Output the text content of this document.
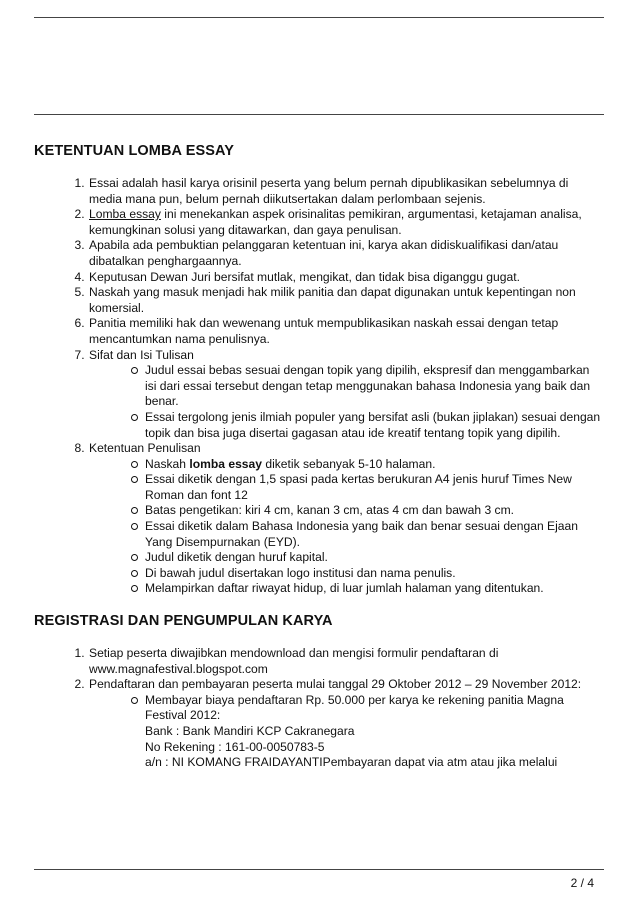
KETENTUAN LOMBA ESSAY
1. Essai adalah hasil karya orisinil peserta yang belum pernah dipublikasikan sebelumnya di media mana pun, belum pernah diikutsertakan dalam perlombaan sejenis.
2. Lomba essay ini menekankan aspek orisinalitas pemikiran, argumentasi, ketajaman analisa, kemungkinan solusi yang ditawarkan, dan gaya penulisan.
3. Apabila ada pembuktian pelanggaran ketentuan ini, karya akan didiskualifikasi dan/atau dibatalkan penghargaannya.
4. Keputusan Dewan Juri bersifat mutlak, mengikat, dan tidak bisa diganggu gugat.
5. Naskah yang masuk menjadi hak milik panitia dan dapat digunakan untuk kepentingan non komersial.
6. Panitia memiliki hak dan wewenang untuk mempublikasikan naskah essai dengan tetap mencantumkan nama penulisnya.
7. Sifat dan Isi Tulisan
Judul essai bebas sesuai dengan topik yang dipilih, ekspresif dan menggambarkan isi dari essai tersebut dengan tetap menggunakan bahasa Indonesia yang baik dan benar.
Essai tergolong jenis ilmiah populer yang bersifat asli (bukan jiplakan) sesuai dengan topik dan bisa juga disertai gagasan atau ide kreatif tentang topik yang dipilih.
8. Ketentuan Penulisan
Naskah lomba essay diketik sebanyak 5-10 halaman.
Essai diketik dengan 1,5 spasi pada kertas berukuran A4 jenis huruf Times New Roman dan font 12
Batas pengetikan: kiri 4 cm, kanan 3 cm, atas 4 cm dan bawah 3 cm.
Essai diketik dalam Bahasa Indonesia yang baik dan benar sesuai dengan Ejaan Yang Disempurnakan (EYD).
Judul diketik dengan huruf kapital.
Di bawah judul disertakan logo institusi dan nama penulis.
Melampirkan daftar riwayat hidup, di luar jumlah halaman yang ditentukan.
REGISTRASI DAN PENGUMPULAN KARYA
1. Setiap peserta diwajibkan mendownload dan mengisi formulir pendaftaran di www.magnafestival.blogspot.com
2. Pendaftaran dan pembayaran peserta mulai tanggal 29 Oktober 2012 – 29 November 2012:
Membayar biaya pendaftaran Rp. 50.000 per karya ke rekening panitia Magna Festival 2012:
Bank : Bank Mandiri KCP Cakranegara
No Rekening : 161-00-0050783-5
a/n : NI KOMANG FRAIDAYANTIPembayaran dapat via atm atau jika melalui
2 / 4
